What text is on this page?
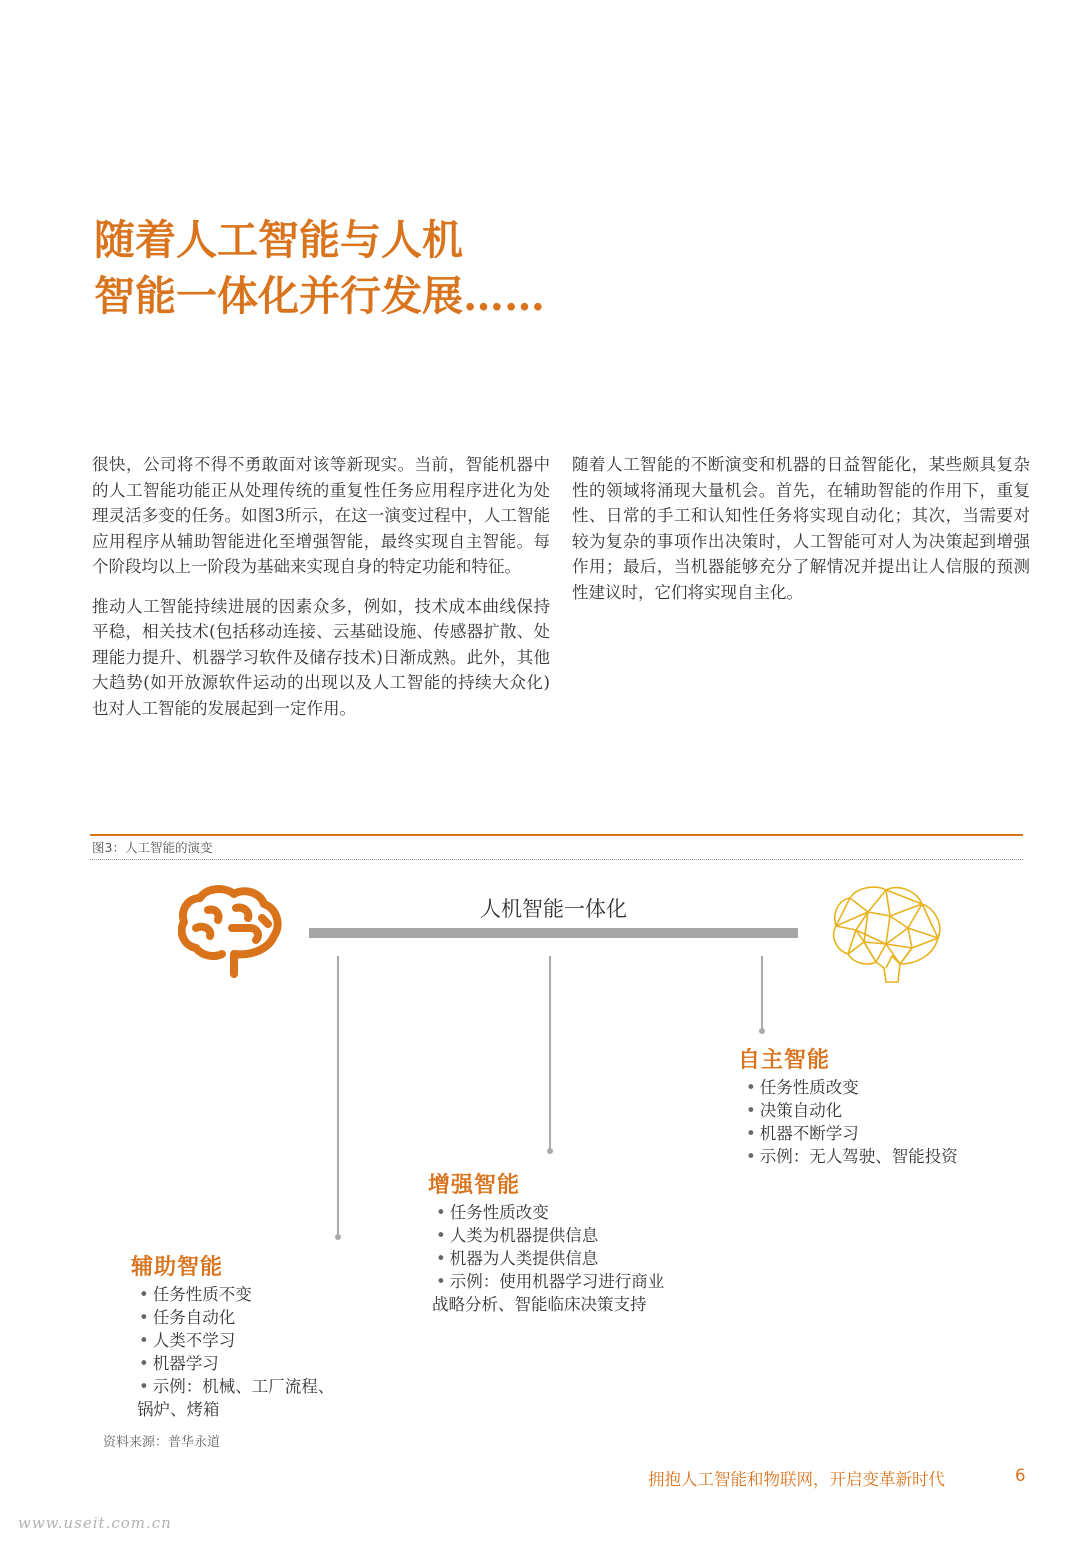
随着人工智能与人机
智能一体化并行发展……

很快，公司将不得不勇敢面对该等新现实。当前，智能机器中的人工智能功能正从处理传统的重复性任务应用程序进化为处理灵活多变的任务。如图3所示，在这一演变过程中，人工智能应用程序从辅助智能进化至增强智能，最终实现自主智能。每个阶段均以上一阶段为基础来实现自身的特定功能和特征。

推动人工智能持续进展的因素众多，例如，技术成本曲线保持平稳，相关技术(包括移动连接、云基础设施、传感器扩散、处理能力提升、机器学习软件及储存技术)日渐成熟。此外，其他大趋势(如开放源软件运动的出现以及人工智能的持续大众化)也对人工智能的发展起到一定作用。

随着人工智能的不断演变和机器的日益智能化，某些颇具复杂性的领域将涌现大量机会。首先，在辅助智能的作用下，重复性、日常的手工和认知性任务将实现自动化；其次，当需要对较为复杂的事项作出决策时，人工智能可对人为决策起到增强作用；最后，当机器能够充分了解情况并提出让人信服的预测性建议时，它们将实现自主化。

图3：人工智能的演变
人机智能一体化
辅助智能
• 任务性质不变
• 任务自动化
• 人类不学习
• 机器学习
• 示例：机械、工厂流程、
锅炉、烤箱
增强智能
• 任务性质改变
• 人类为机器提供信息
• 机器为人类提供信息
• 示例：使用机器学习进行商业
战略分析、智能临床决策支持
自主智能
• 任务性质改变
• 决策自动化
• 机器不断学习
• 示例：无人驾驶、智能投资
资料来源：普华永道
拥抱人工智能和物联网，开启变革新时代	6
www.useit.com.cn
